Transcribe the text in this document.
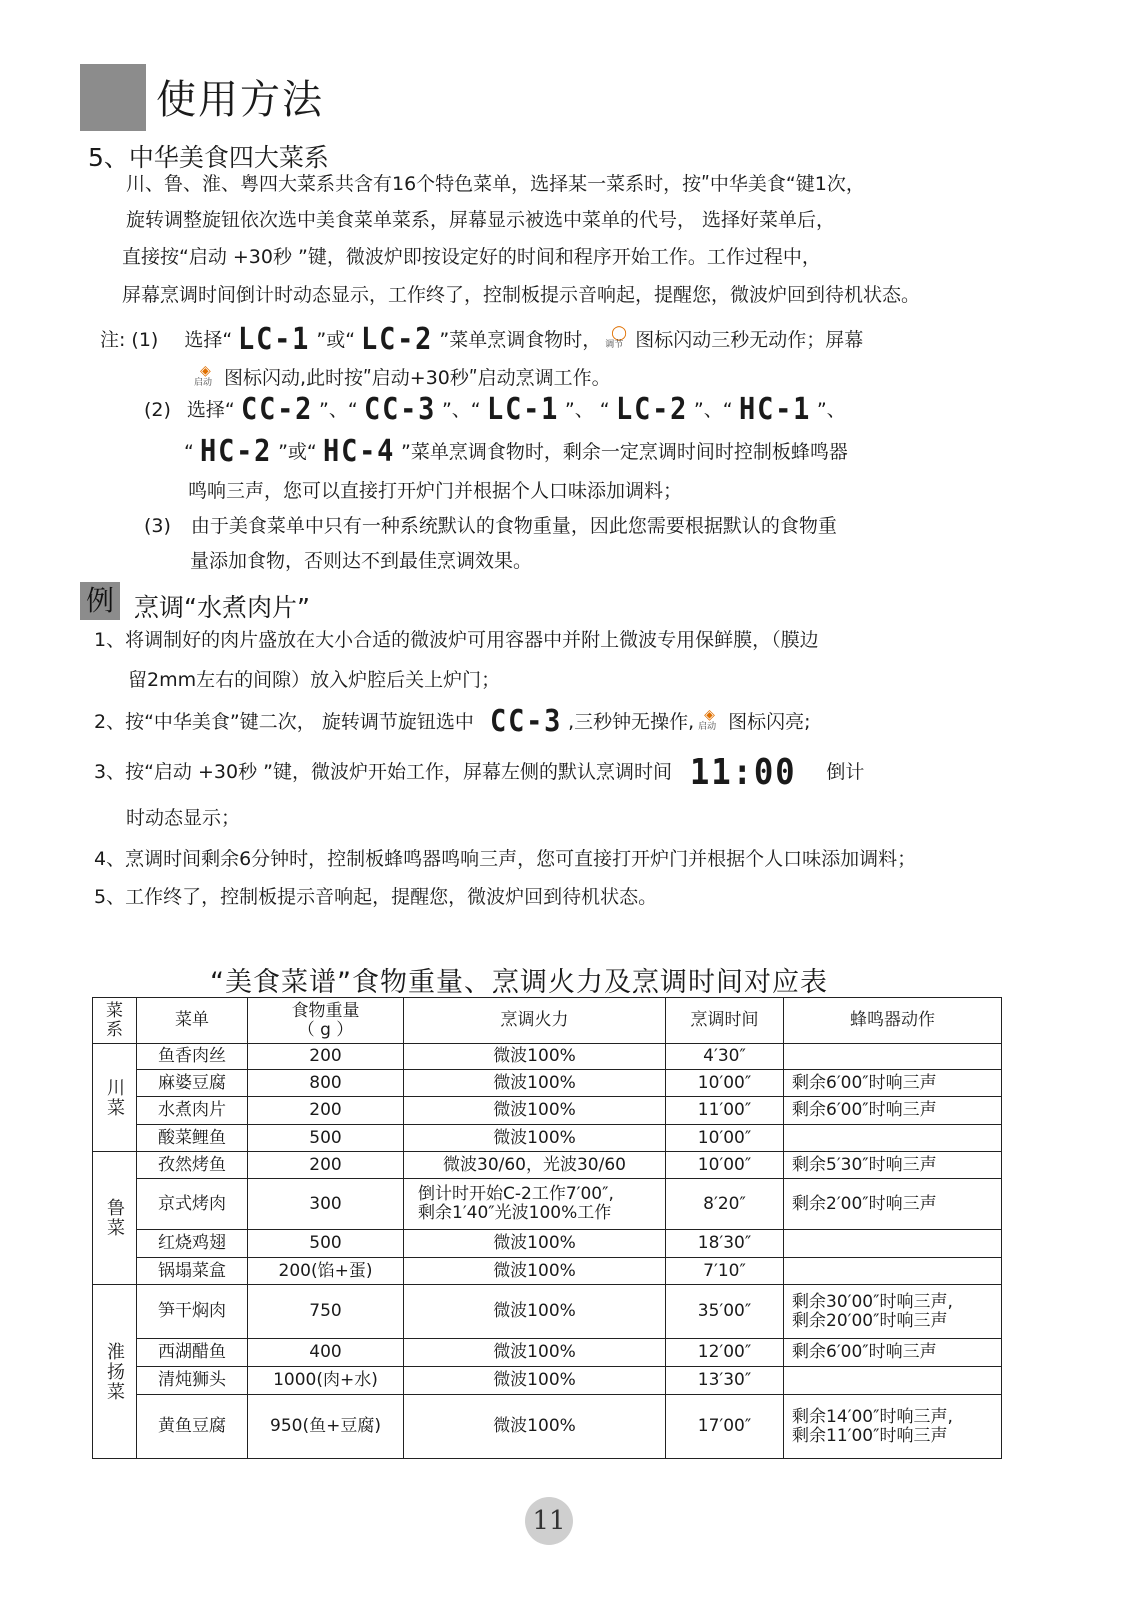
使用方法
5、中华美食四大菜系
川、鲁、淮、粤四大菜系共含有16个特色菜单，选择某一菜系时，按ʺ中华美食“键1次，
旋转调整旋钮依次选中美食菜单菜系，屏幕显示被选中菜单的代号， 选择好菜单后，
直接按“启动 +30秒 ”键，微波炉即按设定好的时间和程序开始工作。工作过程中，
屏幕烹调时间倒计时动态显示，工作终了，控制板提示音响起，提醒您，微波炉回到待机状态。
注: (1) 选择“ LC-1 ”或“ LC-2 ”菜单烹调食物时， ◯
调节 图标闪动三秒无动作；屏幕
◈
启动 图标闪动,此时按ʺ启动+30秒ʺ启动烹调工作。
(2) 选择“ CC-2 ”、“ CC-3 ”、“ LC-1 ”、 “ LC-2 ”、“ HC-1 ”、
“ HC-2 ”或“ HC-4 ”菜单烹调食物时，剩余一定烹调时间时控制板蜂鸣器
鸣响三声，您可以直接打开炉门并根据个人口味添加调料；
(3) 由于美食菜单中只有一种系统默认的食物重量，因此您需要根据默认的食物重
量添加食物，否则达不到最佳烹调效果。
例 烹调“水煮肉片”
1、将调制好的肉片盛放在大小合适的微波炉可用容器中并附上微波专用保鲜膜，（膜边
留2mm左右的间隙）放入炉腔后关上炉门；
2、按“中华美食”键二次， 旋转调节旋钮选中 CC-3 ,三秒钟无操作, ◈
启动 图标闪亮;
3、按“启动 +30秒 ”键，微波炉开始工作，屏幕左侧的默认烹调时间 11:00 倒计
时动态显示；
4、烹调时间剩余6分钟时，控制板蜂鸣器鸣响三声，您可直接打开炉门并根据个人口味添加调料；
5、工作终了，控制板提示音响起，提醒您，微波炉回到待机状态。
“美食菜谱”食物重量、烹调火力及烹调时间对应表
菜系	菜单	食物重量
（ g ）	烹调火力	烹调时间	蜂鸣器动作
川菜	鱼香肉丝	200	微波100%	4′30″	
	麻婆豆腐	800	微波100%	10′00″	剩余6′00″时响三声
	水煮肉片	200	微波100%	11′00″	剩余6′00″时响三声
	酸菜鲤鱼	500	微波100%	10′00″	
鲁菜	孜然烤鱼	200	微波30/60，光波30/60	10′00″	剩余5′30″时响三声
	京式烤肉	300	倒计时开始C-2工作7′00″,
剩余1′40″光波100%工作	8′20″	剩余2′00″时响三声
	红烧鸡翅	500	微波100%	18′30″	
	锅塌菜盒	200(馅+蛋)	微波100%	7′10″	
淮扬菜	笋干焖肉	750	微波100%	35′00″	剩余30′00″时响三声,
剩余20′00″时响三声

	西湖醋鱼	400	微波100%	12′00″	剩余6′00″时响三声
	清炖狮头	1000(肉+水)	微波100%	13′30″	
	黄鱼豆腐	950(鱼+豆腐)	微波100%	17′00″	剩余14′00″时响三声,
剩余11′00″时响三声
11
